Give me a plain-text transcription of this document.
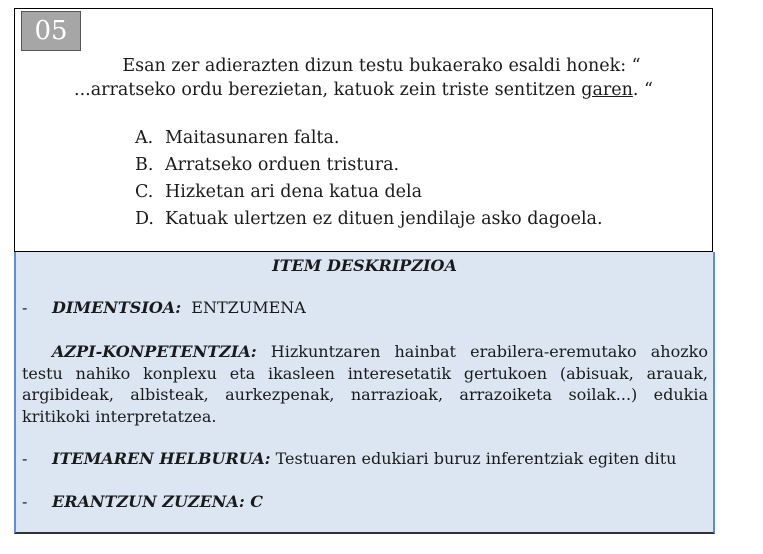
05
Esan zer adierazten dizun testu bukaerako esaldi honek: “
...arratseko ordu berezietan, katuok zein triste sentitzen garen. “
A. Maitasunaren falta.
B. Arratseko orduen tristura.
C. Hizketan ari dena katua dela
D. Katuak ulertzen ez dituen jendilaje asko dagoela.
ITEM DESKRIPZIOA
- DIMENTSIOA: ENTZUMENA
AZPI-KONPETENTZIA: Hizkuntzaren hainbat erabilera-eremutako ahozko testu nahiko konplexu eta ikasleen interesetatik gertukoen (abisuak, arauak, argibideak, albisteak, aurkezpenak, narrazioak, arrazoiketa soilak...) edukia kritikoki interpretatzea.
- ITEMAREN HELBURUA: Testuaren edukiari buruz inferentziak egiten ditu
- ERANTZUN ZUZENA: C
